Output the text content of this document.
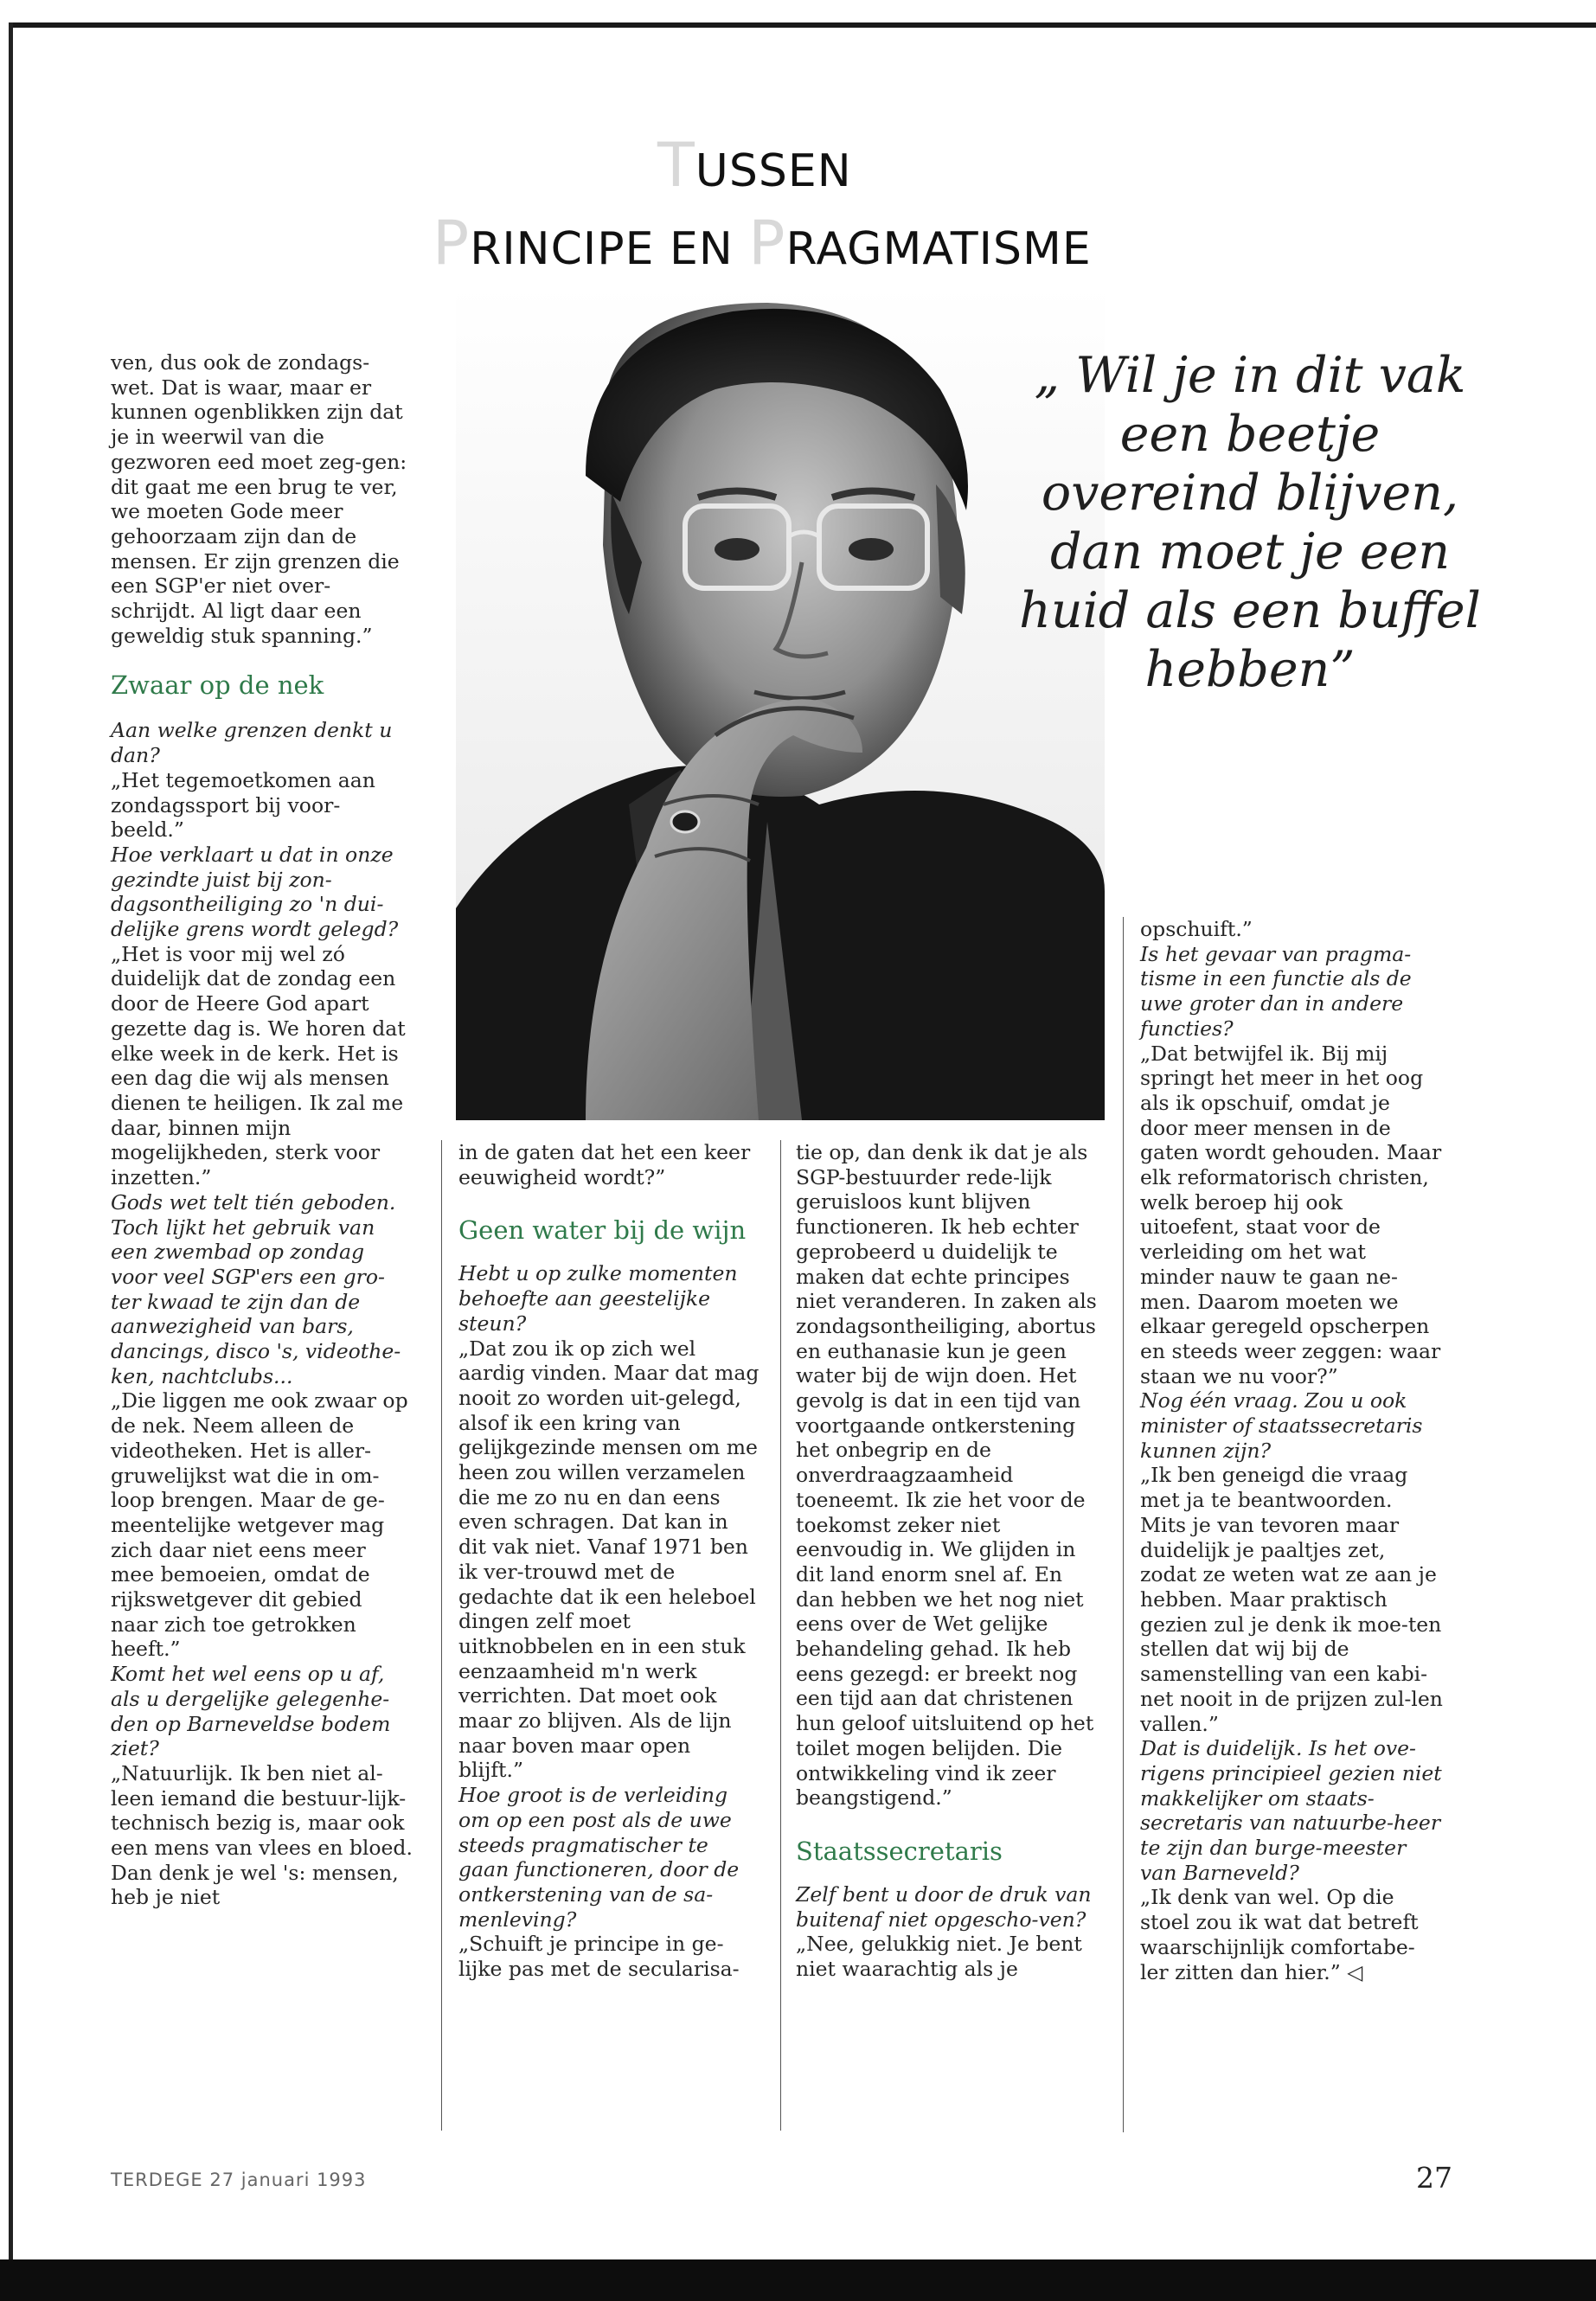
TUSSEN
PRINCIPE EN PRAGMATISME
„ Wil je in dit vak een beetje overeind blijven, dan moet je een huid als een buffel hebben”

ven, dus ook de zondags-wet. Dat is waar, maar er kunnen ogenblikken zijn dat je in weerwil van die gezworen eed moet zeg-gen: dit gaat me een brug te ver, we moeten Gode meer gehoorzaam zijn dan de mensen. Er zijn grenzen die een SGP'er niet over-schrijdt. Al ligt daar een geweldig stuk spanning.”

Zwaar op de nek

Aan welke grenzen denkt u dan?

„Het tegemoetkomen aan zondagssport bij voor-beeld.”

Hoe verklaart u dat in onze gezindte juist bij zon-dagsontheiliging zo 'n dui-delijke grens wordt gelegd?

„Het is voor mij wel zó duidelijk dat de zondag een door de Heere God apart gezette dag is. We horen dat elke week in de kerk. Het is een dag die wij als mensen dienen te heiligen. Ik zal me daar, binnen mijn mogelijkheden, sterk voor inzetten.”

Gods wet telt tién geboden. Toch lijkt het gebruik van een zwembad op zondag voor veel SGP'ers een gro-ter kwaad te zijn dan de aanwezigheid van bars, dancings, disco 's, videothe-ken, nachtclubs...

„Die liggen me ook zwaar op de nek. Neem alleen de videotheken. Het is aller-gruwelijkst wat die in om-loop brengen. Maar de ge-meentelijke wetgever mag zich daar niet eens meer mee bemoeien, omdat de rijkswetgever dit gebied naar zich toe getrokken heeft.”

Komt het wel eens op u af, als u dergelijke gelegenhe-den op Barneveldse bodem ziet?

„Natuurlijk. Ik ben niet al-leen iemand die bestuur-lijk-technisch bezig is, maar ook een mens van vlees en bloed. Dan denk je wel 's: mensen, heb je niet

in de gaten dat het een keer eeuwigheid wordt?”

Geen water bij de wijn

Hebt u op zulke momenten behoefte aan geestelijke steun?

„Dat zou ik op zich wel aardig vinden. Maar dat mag nooit zo worden uit-gelegd, alsof ik een kring van gelijkgezinde mensen om me heen zou willen verzamelen die me zo nu en dan eens even schragen. Dat kan in dit vak niet. Vanaf 1971 ben ik ver-trouwd met de gedachte dat ik een heleboel dingen zelf moet uitknobbelen en in een stuk eenzaamheid m'n werk verrichten. Dat moet ook maar zo blijven. Als de lijn naar boven maar open blijft.”

Hoe groot is de verleiding om op een post als de uwe steeds pragmatischer te gaan functioneren, door de ontkerstening van de sa-menleving?

„Schuift je principe in ge-lijke pas met de secularisa-

tie op, dan denk ik dat je als SGP-bestuurder rede-lijk geruisloos kunt blijven functioneren. Ik heb echter geprobeerd u duidelijk te maken dat echte principes niet veranderen. In zaken als zondagsontheiliging, abortus en euthanasie kun je geen water bij de wijn doen. Het gevolg is dat in een tijd van voortgaande ontkerstening het onbegrip en de onverdraagzaamheid toeneemt. Ik zie het voor de toekomst zeker niet eenvoudig in. We glijden in dit land enorm snel af. En dan hebben we het nog niet eens over de Wet gelijke behandeling gehad. Ik heb eens gezegd: er breekt nog een tijd aan dat christenen hun geloof uitsluitend op het toilet mogen belijden. Die ontwikkeling vind ik zeer beangstigend.”

Staatssecretaris

Zelf bent u door de druk van buitenaf niet opgescho-ven?

„Nee, gelukkig niet. Je bent niet waarachtig als je

opschuift.”

Is het gevaar van pragma-tisme in een functie als de uwe groter dan in andere functies?

„Dat betwijfel ik. Bij mij springt het meer in het oog als ik opschuif, omdat je door meer mensen in de gaten wordt gehouden. Maar elk reformatorisch christen, welk beroep hij ook uitoefent, staat voor de verleiding om het wat minder nauw te gaan ne-men. Daarom moeten we elkaar geregeld opscherpen en steeds weer zeggen: waar staan we nu voor?”

Nog één vraag. Zou u ook minister of staatssecretaris kunnen zijn?

„Ik ben geneigd die vraag met ja te beantwoorden. Mits je van tevoren maar duidelijk je paaltjes zet, zodat ze weten wat ze aan je hebben. Maar praktisch gezien zul je denk ik moe-ten stellen dat wij bij de samenstelling van een kabi-net nooit in de prijzen zul-len vallen.”

Dat is duidelijk. Is het ove-rigens principieel gezien niet makkelijker om staats-secretaris van natuurbe-heer te zijn dan burge-meester van Barneveld?

„Ik denk van wel. Op die stoel zou ik wat dat betreft waarschijnlijk comfortabe-ler zitten dan hier.” ◁

TERDEGE 27 januari 1993	27
